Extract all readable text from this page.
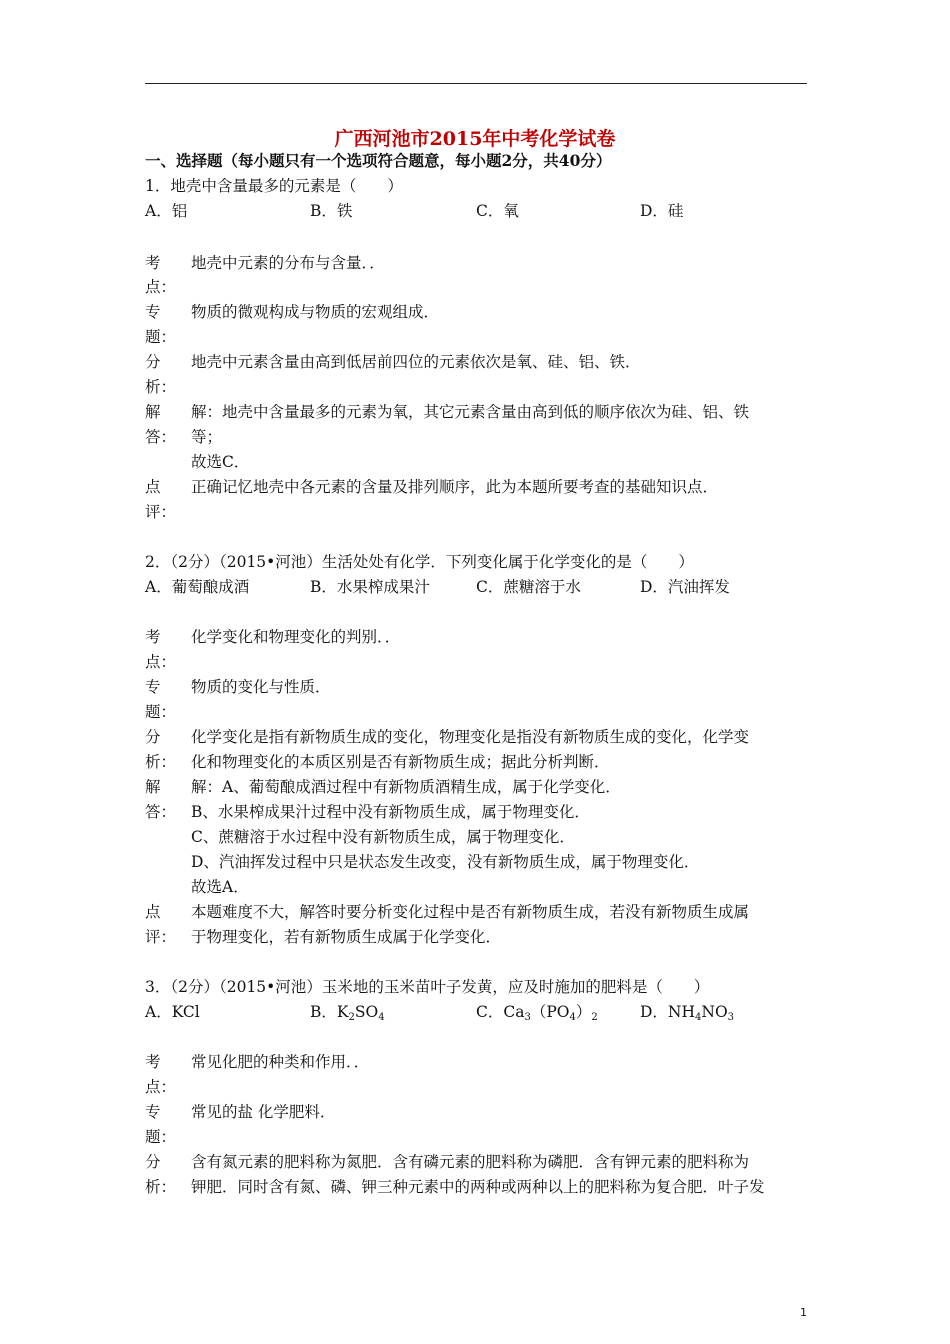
广西河池市2015年中考化学试卷
一、选择题（每小题只有一个选项符合题意，每小题2分，共40分）
1．地壳中含量最多的元素是（　　）
A．铝	B．铁	C．氧	D．硅
考
点：
地壳中元素的分布与含量．．
专
题：
物质的微观构成与物质的宏观组成．
分
析：
地壳中元素含量由高到低居前四位的元素依次是氧、硅、铝、铁．
解
答：
解：地壳中含量最多的元素为氧，其它元素含量由高到低的顺序依次为硅、铝、铁
等；
故选C．
点
评：
正确记忆地壳中各元素的含量及排列顺序，此为本题所要考查的基础知识点．
2．（2分）（2015•河池）生活处处有化学．下列变化属于化学变化的是（　　）
A．葡萄酿成酒	B．水果榨成果汁	C．蔗糖溶于水	D．汽油挥发
考
点：
化学变化和物理变化的判别．．
专
题：
物质的变化与性质．
分
析：
化学变化是指有新物质生成的变化，物理变化是指没有新物质生成的变化，化学变
化和物理变化的本质区别是否有新物质生成；据此分析判断．
解
答：
解：A、葡萄酿成酒过程中有新物质酒精生成，属于化学变化．
B、水果榨成果汁过程中没有新物质生成，属于物理变化．
C、蔗糖溶于水过程中没有新物质生成，属于物理变化．
D、汽油挥发过程中只是状态发生改变，没有新物质生成，属于物理变化．
故选A．
点
评：
本题难度不大，解答时要分析变化过程中是否有新物质生成，若没有新物质生成属
于物理变化，若有新物质生成属于化学变化．
3．（2分）（2015•河池）玉米地的玉米苗叶子发黄，应及时施加的肥料是（　　）
A．KCl	B．$K_2SO_4$	C．$Ca_3(PO_4)_2$	D．$NH_4NO_3$
考
点：
常见化肥的种类和作用．．
专
题：
常见的盐 化学肥料．
分
析：
含有氮元素的肥料称为氮肥．含有磷元素的肥料称为磷肥．含有钾元素的肥料称为
钾肥．同时含有氮、磷、钾三种元素中的两种或两种以上的肥料称为复合肥．叶子发
1
